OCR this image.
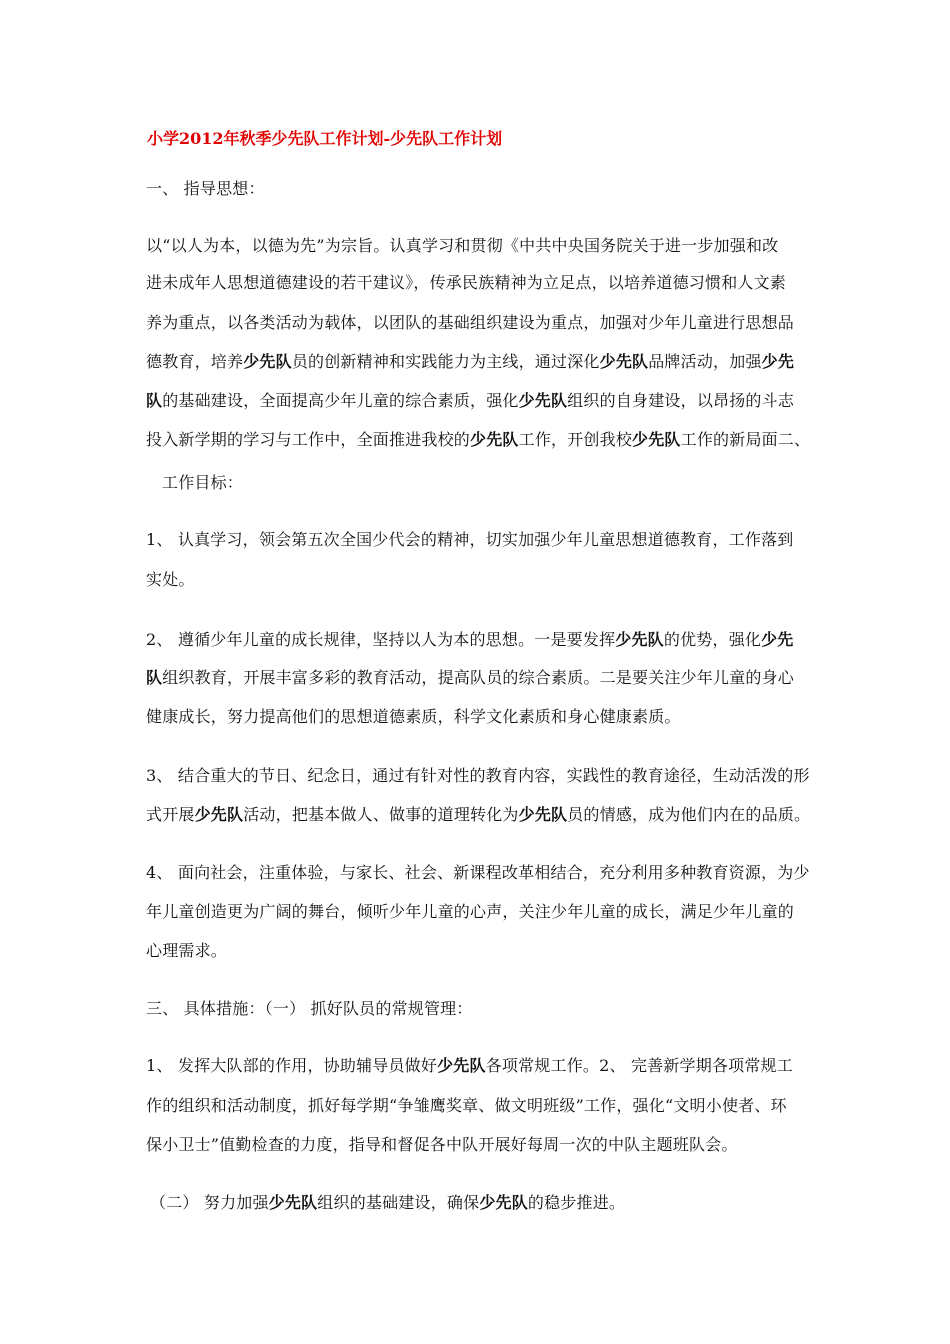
小学2012年秋季少先队工作计划-少先队工作计划
一、 指导思想：
以“以人为本，以德为先”为宗旨。认真学习和贯彻《中共中央国务院关于进一步加强和改
进未成年人思想道德建设的若干建议》，传承民族精神为立足点，以培养道德习惯和人文素
养为重点，以各类活动为载体，以团队的基础组织建设为重点，加强对少年儿童进行思想品
德教育，培养少先队员的创新精神和实践能力为主线，通过深化少先队品牌活动，加强少先
队的基础建设，全面提高少年儿童的综合素质，强化少先队组织的自身建设，以昂扬的斗志
投入新学期的学习与工作中，全面推进我校的少先队工作，开创我校少先队工作的新局面二、
工作目标：
1、 认真学习，领会第五次全国少代会的精神，切实加强少年儿童思想道德教育，工作落到
实处。
2、 遵循少年儿童的成长规律，坚持以人为本的思想。一是要发挥少先队的优势，强化少先
队组织教育，开展丰富多彩的教育活动，提高队员的综合素质。二是要关注少年儿童的身心
健康成长，努力提高他们的思想道德素质，科学文化素质和身心健康素质。
3、 结合重大的节日、纪念日，通过有针对性的教育内容，实践性的教育途径，生动活泼的形
式开展少先队活动，把基本做人、做事的道理转化为少先队员的情感，成为他们内在的品质。
4、 面向社会，注重体验，与家长、社会、新课程改革相结合，充分利用多种教育资源，为少
年儿童创造更为广阔的舞台，倾听少年儿童的心声，关注少年儿童的成长，满足少年儿童的
心理需求。
三、 具体措施：（一） 抓好队员的常规管理：
1、 发挥大队部的作用，协助辅导员做好少先队各项常规工作。2、 完善新学期各项常规工
作的组织和活动制度，抓好每学期“争雏鹰奖章、做文明班级”工作，强化“文明小使者、环
保小卫士”值勤检查的力度，指导和督促各中队开展好每周一次的中队主题班队会。
（二） 努力加强少先队组织的基础建设，确保少先队的稳步推进。
